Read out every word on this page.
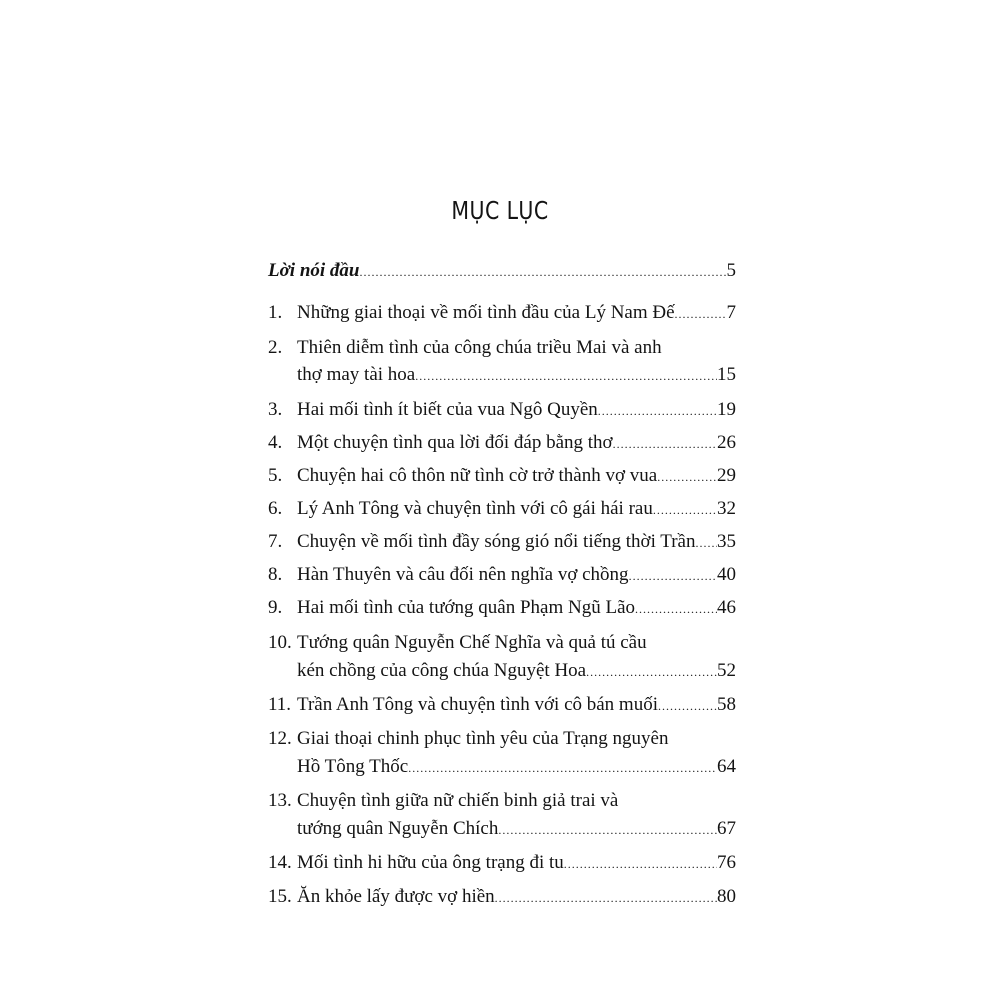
MỤC LỤC
Lời nói đầu .....	5
1. Những giai thoại về mối tình đầu của Lý Nam Đế .....	7
2. Thiên diễm tình của công chúa triều Mai và anh
thợ may tài hoa .....	15
3. Hai mối tình ít biết của vua Ngô Quyền .....	19
4. Một chuyện tình qua lời đối đáp bằng thơ .....	26
5. Chuyện hai cô thôn nữ tình cờ trở thành vợ vua .....	29
6. Lý Anh Tông và chuyện tình với cô gái hái rau .....	32
7. Chuyện về mối tình đầy sóng gió nổi tiếng thời Trần ..... 35
8. Hàn Thuyên và câu đối nên nghĩa vợ chồng .....	40
9. Hai mối tình của tướng quân Phạm Ngũ Lão .....	46
10. Tướng quân Nguyễn Chế Nghĩa và quả tú cầu
kén chồng của công chúa Nguyệt Hoa .....	52
11. Trần Anh Tông và chuyện tình với cô bán muối .....	58
12. Giai thoại chinh phục tình yêu của Trạng nguyên
Hồ Tông Thốc .....	64
13. Chuyện tình giữa nữ chiến binh giả trai và
tướng quân Nguyễn Chích .....	67
14. Mối tình hi hữu của ông trạng đi tu .....	76
15. Ăn khỏe lấy được vợ hiền .....	80
